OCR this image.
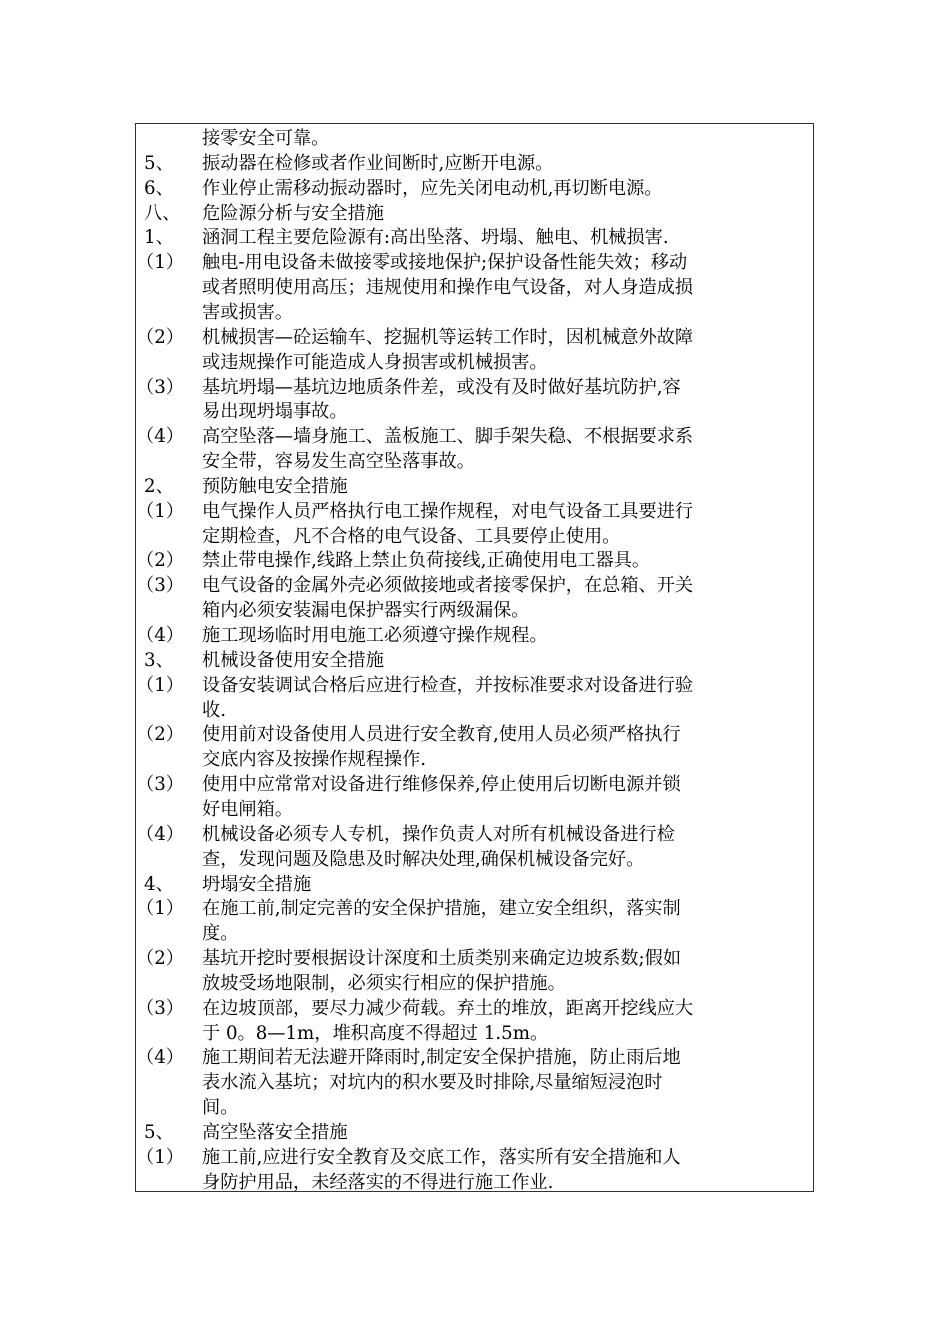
接零安全可靠。
5、 振动器在检修或者作业间断时,应断开电源。
6、 作业停止需移动振动器时，应先关闭电动机,再切断电源。
八、 危险源分析与安全措施
1、 涵洞工程主要危险源有:高出坠落、坍塌、触电、机械损害.
（1） 触电-用电设备未做接零或接地保护;保护设备性能失效；移动
或者照明使用高压；违规使用和操作电气设备，对人身造成损
害或损害。
（2） 机械损害—砼运输车、挖掘机等运转工作时，因机械意外故障
或违规操作可能造成人身损害或机械损害。
（3） 基坑坍塌—基坑边地质条件差，或没有及时做好基坑防护,容
易出现坍塌事故。
（4） 高空坠落—墙身施工、盖板施工、脚手架失稳、不根据要求系
安全带，容易发生高空坠落事故。
2、 预防触电安全措施
（1） 电气操作人员严格执行电工操作规程，对电气设备工具要进行
定期检查，凡不合格的电气设备、工具要停止使用。
（2） 禁止带电操作,线路上禁止负荷接线,正确使用电工器具。
（3） 电气设备的金属外壳必须做接地或者接零保护，在总箱、开关
箱内必须安装漏电保护器实行两级漏保。
（4） 施工现场临时用电施工必须遵守操作规程。
3、 机械设备使用安全措施
（1） 设备安装调试合格后应进行检查，并按标准要求对设备进行验
收.
（2） 使用前对设备使用人员进行安全教育,使用人员必须严格执行
交底内容及按操作规程操作.
（3） 使用中应常常对设备进行维修保养,停止使用后切断电源并锁
好电闸箱。
（4） 机械设备必须专人专机，操作负责人对所有机械设备进行检
查，发现问题及隐患及时解决处理,确保机械设备完好。
4、 坍塌安全措施
（1） 在施工前,制定完善的安全保护措施，建立安全组织，落实制
度。
（2） 基坑开挖时要根据设计深度和土质类别来确定边坡系数;假如
放坡受场地限制，必须实行相应的保护措施。
（3） 在边坡顶部，要尽力减少荷载。弃土的堆放，距离开挖线应大
于 0。8—1m，堆积高度不得超过 1.5m。
（4） 施工期间若无法避开降雨时,制定安全保护措施，防止雨后地
表水流入基坑；对坑内的积水要及时排除,尽量缩短浸泡时
间。
5、 高空坠落安全措施
（1） 施工前,应进行安全教育及交底工作，落实所有安全措施和人
身防护用品，未经落实的不得进行施工作业.
